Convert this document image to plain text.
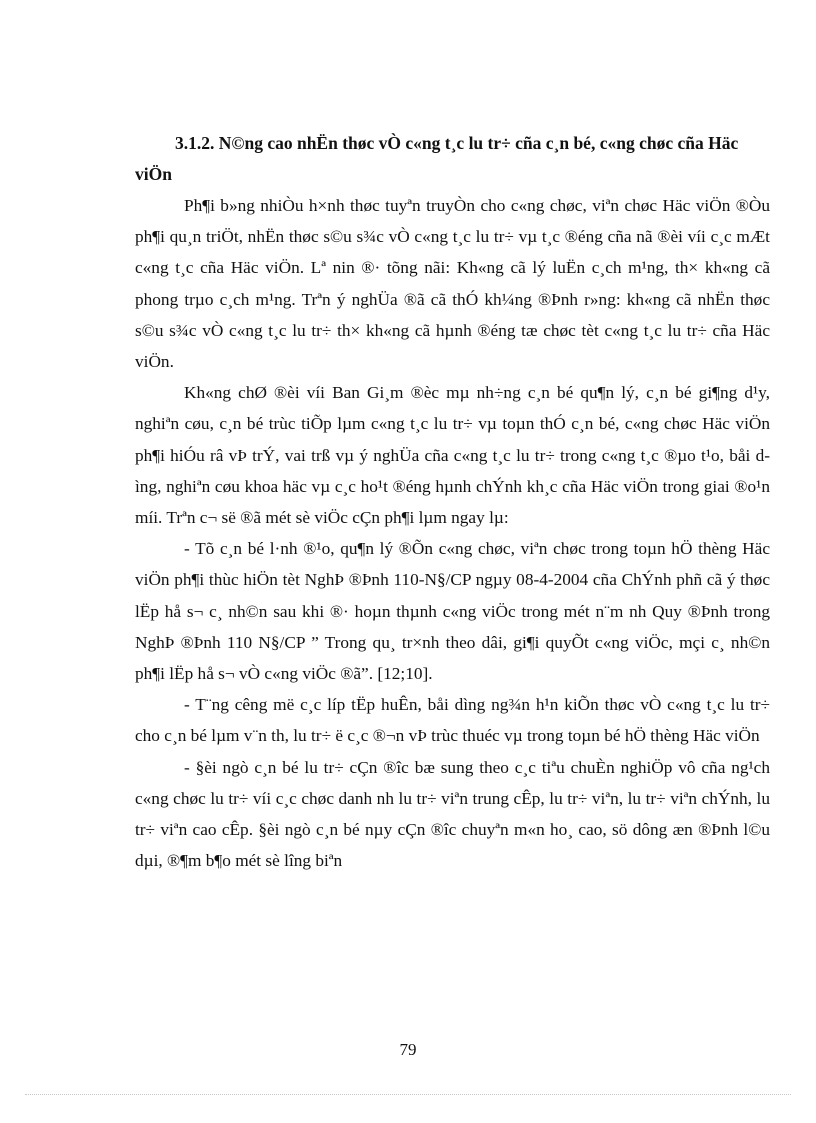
3.1.2. N©ng cao nhËn thøc vÒ c«ng t¸c lu tr÷ cña c¸n bé, c«ng chøc cña Häc viÖn

Ph¶i b»ng nhiÒu h×nh thøc tuyªn truyÒn cho c«ng chøc, viªn chøc Häc viÖn ®Òu ph¶i qu¸n triÖt, nhËn thøc s©u s¾c vÒ c«ng t¸c lu tr÷ vµ t¸c ®éng cña nã ®èi víi c¸c mÆt c«ng t¸c cña Häc viÖn. Lª nin ®· tõng nãi: Kh«ng cã lý luËn c¸ch m¹ng, th× kh«ng cã phong trµo c¸ch m¹ng. Trªn ý nghÜa ®ã cã thÓ kh¼ng ®Þnh r»ng: kh«ng cã nhËn thøc s©u s¾c vÒ c«ng t¸c lu tr÷ th× kh«ng cã hµnh ®éng tæ chøc tèt c«ng t¸c lu tr÷ cña Häc viÖn.

Kh«ng chØ ®èi víi Ban Gi¸m ®èc mµ nh÷ng c¸n bé qu¶n lý, c¸n bé gi¶ng d¹y, nghiªn cøu, c¸n bé trùc tiÕp lµm c«ng t¸c lu tr÷ vµ toµn thÓ c¸n bé, c«ng chøc Häc viÖn ph¶i hiÓu râ vÞ trÝ, vai trß vµ ý nghÜa cña c«ng t¸c lu tr÷ trong c«ng t¸c ®µo t¹o, båi dìng, nghiªn cøu khoa häc vµ c¸c ho¹t ®éng hµnh chÝnh kh¸c cña Häc viÖn trong giai ®o¹n míi. Trªn c¬ së ®ã mét sè viÖc cÇn ph¶i lµm ngay lµ:

- Tõ c¸n bé l·nh ®¹o, qu¶n lý ®Õn c«ng chøc, viªn chøc trong toµn hÖ thèng Häc viÖn ph¶i thùc hiÖn tèt NghÞ ®Þnh 110-N§/CP ngµy 08-4-2004 cña ChÝnh phñ cã ý thøc lËp hå s¬ c¸ nh©n sau khi ®· hoµn thµnh c«ng viÖc trong mét n¨m nh Quy ®Þnh trong NghÞ ®Þnh 110 N§/CP ” Trong qu¸ tr×nh theo dâi, gi¶i quyÕt c«ng viÖc, mçi c¸ nh©n ph¶i lËp hå s¬ vÒ c«ng viÖc ®ã”. [12;10].

- T¨ng cêng më c¸c líp tËp huÊn, båi dìng ng¾n h¹n kiÕn thøc vÒ c«ng t¸c lu tr÷ cho c¸n bé lµm v¨n th, lu tr÷ ë c¸c ®¬n vÞ trùc thuéc vµ trong toµn bé hÖ thèng Häc viÖn

- §èi ngò c¸n bé lu tr÷ cÇn ®îc bæ sung theo c¸c tiªu chuÈn nghiÖp vô cña ng¹ch c«ng chøc lu tr÷ víi c¸c chøc danh nh lu tr÷ viªn trung cÊp, lu tr÷ viªn, lu tr÷ viªn chÝnh, lu tr÷ viªn cao cÊp. §èi ngò c¸n bé nµy cÇn ®îc chuyªn m«n ho¸ cao, sö dông æn ®Þnh l©u dµi, ®¶m b¶o mét sè lîng biªn

79
